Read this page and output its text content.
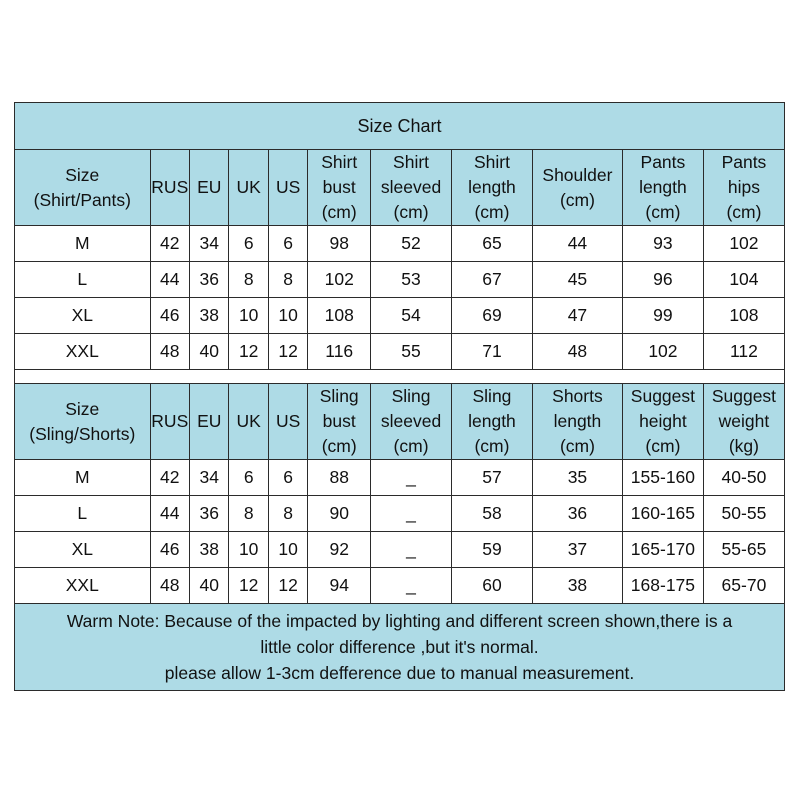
Size Chart										

Size
(Shirt/Pants)	RUS	EU	UK	US	Shirt
bust
(cm)	Shirt
sleeved
(cm)	Shirt
length
(cm)	Shoulder
(cm)	Pants
length
(cm)	Pants
hips
(cm)

M	42	34	6	6	98	52	65	44	93	102
L	44	36	8	8	102	53	67	45	96	104
XL	46	38	10	10	108	54	69	47	99	108
XXL	48	40	12	12	116	55	71	48	102	112

Size
(Sling/Shorts)	RUS	EU	UK	US	Sling
bust
(cm)	Sling
sleeved
(cm)	Sling
length
(cm)	Shorts
length
(cm)	Suggest
height
(cm)	Suggest
weight
(kg)

M	42	34	6	6	88	_	57	35	155-160	40-50
L	44	36	8	8	90	_	58	36	160-165	50-55
XL	46	38	10	10	92	_	59	37	165-170	55-65
XXL	48	40	12	12	94	_	60	38	168-175	65-70

Warm Note: Because of the impacted by lighting and different screen shown,there is a
little color difference ,but it's normal.
please allow 1-3cm defference due to manual measurement.										
